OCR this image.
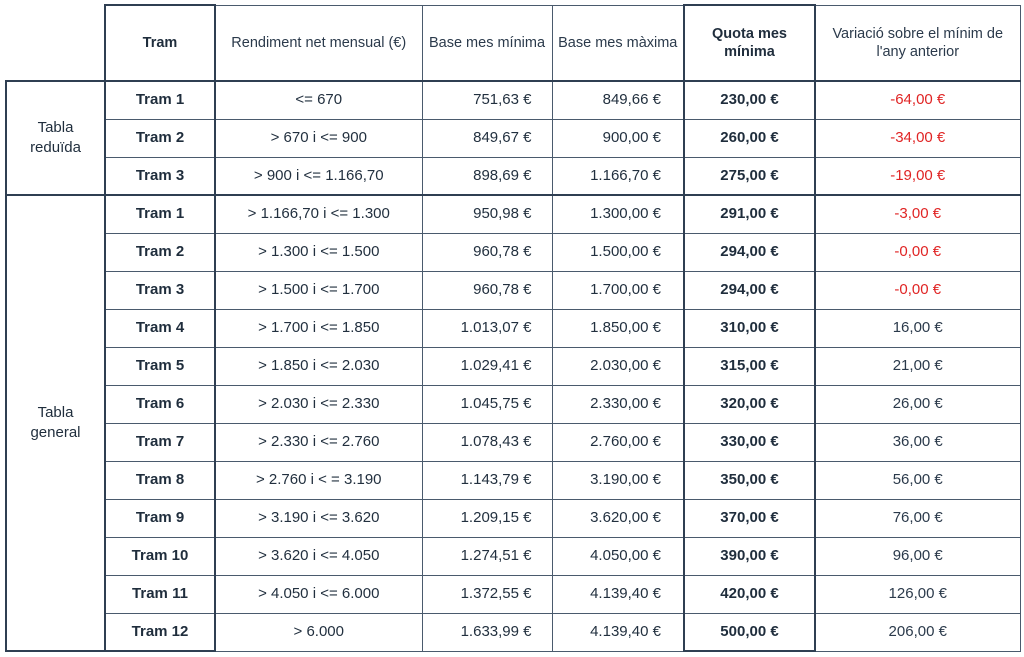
	Tram	Rendiment net mensual (€)	Base mes mínima	Base mes màxima	Quota mes mínima	Variació sobre el mínim de l'any anterior
Tabla reduïda	Tram 1	<= 670	751,63 €	849,66 €	230,00 €	-64,00 €
	Tram 2	> 670 i <= 900	849,67 €	900,00 €	260,00 €	-34,00 €
	Tram 3	> 900 i <= 1.166,70	898,69 €	1.166,70 €	275,00 €	-19,00 €
Tabla general	Tram 1	> 1.166,70 i <= 1.300	950,98 €	1.300,00 €	291,00 €	-3,00 €
	Tram 2	> 1.300 i <= 1.500	960,78 €	1.500,00 €	294,00 €	-0,00 €
	Tram 3	> 1.500 i <= 1.700	960,78 €	1.700,00 €	294,00 €	-0,00 €
	Tram 4	> 1.700 i <= 1.850	1.013,07 €	1.850,00 €	310,00 €	16,00 €
	Tram 5	> 1.850 i <= 2.030	1.029,41 €	2.030,00 €	315,00 €	21,00 €
	Tram 6	> 2.030 i <= 2.330	1.045,75 €	2.330,00 €	320,00 €	26,00 €
	Tram 7	> 2.330 i <= 2.760	1.078,43 €	2.760,00 €	330,00 €	36,00 €
	Tram 8	> 2.760 i < = 3.190	1.143,79 €	3.190,00 €	350,00 €	56,00 €
	Tram 9	> 3.190 i <= 3.620	1.209,15 €	3.620,00 €	370,00 €	76,00 €
	Tram 10	> 3.620 i <= 4.050	1.274,51 €	4.050,00 €	390,00 €	96,00 €
	Tram 11	> 4.050 i <= 6.000	1.372,55 €	4.139,40 €	420,00 €	126,00 €
	Tram 12	> 6.000	1.633,99 €	4.139,40 €	500,00 €	206,00 €
